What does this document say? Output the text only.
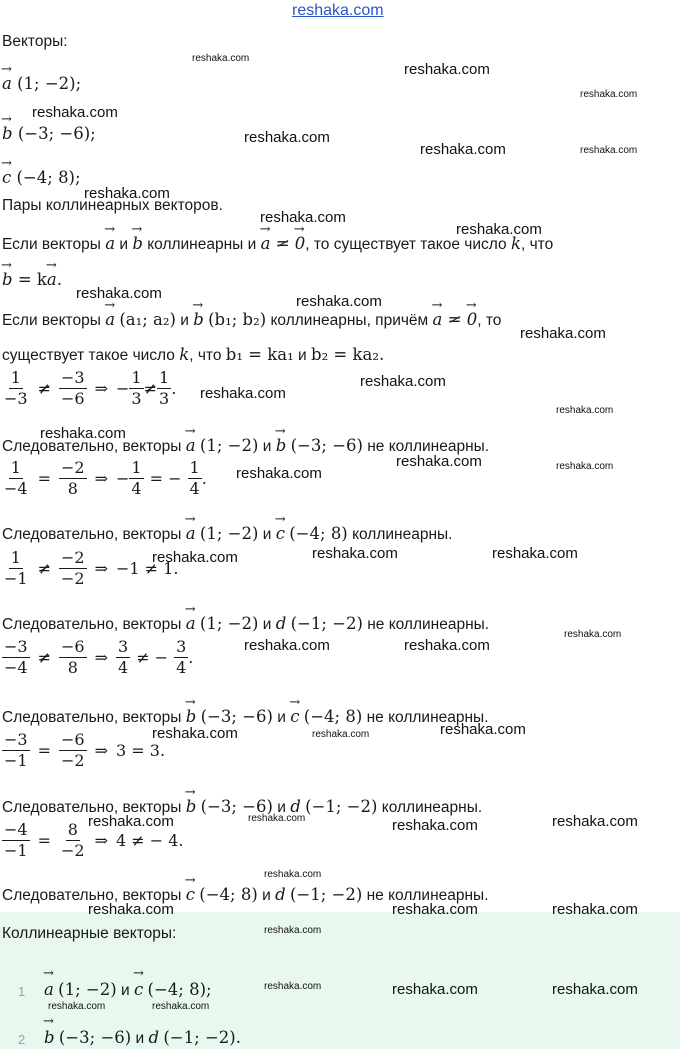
reshaka.com
Векторы:
→ a (1; −2);
→ b (−3; −6);
→ c (−4; 8);
Пары коллинеарных векторов.
Если векторы → a и → b коллинеарны и → a = → 0, то существует такое число k, что
→ b = k→ a.
Если векторы → a (a₁; a₂) и → b (b₁; b₂) коллинеарны, причём → a = → 0, то
существует такое число k, что b₁ = ka₁ и b₂ = ka₂.
$\frac{1}{-3} \ne \frac{-3}{-6}$ ⇒ − $\frac{1}{3} \ne \frac{1}{3}$ .
Следовательно, векторы → a (1; −2) и → b (−3; −6) не коллинеарны.
$\frac{1}{-4} = \frac{-2}{8}$ ⇒ − $\frac{1}{4}$ = − $\frac{1}{4}$ .
Следовательно, векторы → a (1; −2) и → c (−4; 8) коллинеарны.
$\frac{1}{-1} \ne \frac{-2}{-2}$ ⇒ −1 ≠ 1.
Следовательно, векторы → a (1; −2) и d (−1; −2) не коллинеарны.
$\frac{-3}{-4} \ne \frac{-6}{8}$ ⇒ $\frac{3}{4}$ ≠ − $\frac{3}{4}$ .
Следовательно, векторы → b (−3; −6) и → c (−4; 8) не коллинеарны.
$\frac{-3}{-1} = \frac{-6}{-2}$ ⇒ 3 = 3.
Следовательно, векторы → b (−3; −6) и d (−1; −2) коллинеарны.
$\frac{-4}{-1} = \frac{8}{-2}$ ⇒ 4 ≠ − 4.
Следовательно, векторы → c (−4; 8) и d (−1; −2) не коллинеарны.
Коллинеарные векторы:
1 → a (1; −2) и → c (−4; 8);
2 → b (−3; −6) и d (−1; −2).
reshaka.com
reshaka.com
reshaka.com
reshaka.com
reshaka.com
reshaka.com	reshaka.com
reshaka.com
reshaka.com
reshaka.com
reshaka.com	reshaka.com
reshaka.com
reshaka.com
reshaka.com
reshaka.com
reshaka.com
reshaka.com	reshaka.com
reshaka.com
reshaka.com	reshaka.com	reshaka.com
reshaka.com
reshaka.com	reshaka.com
reshaka.com
reshaka.com	reshaka.com
reshaka.com
reshaka.com	reshaka.com	reshaka.com
reshaka.com
reshaka.com	reshaka.com	reshaka.com
reshaka.com
reshaka.com	reshaka.com	reshaka.com
reshaka.com	reshaka.com
